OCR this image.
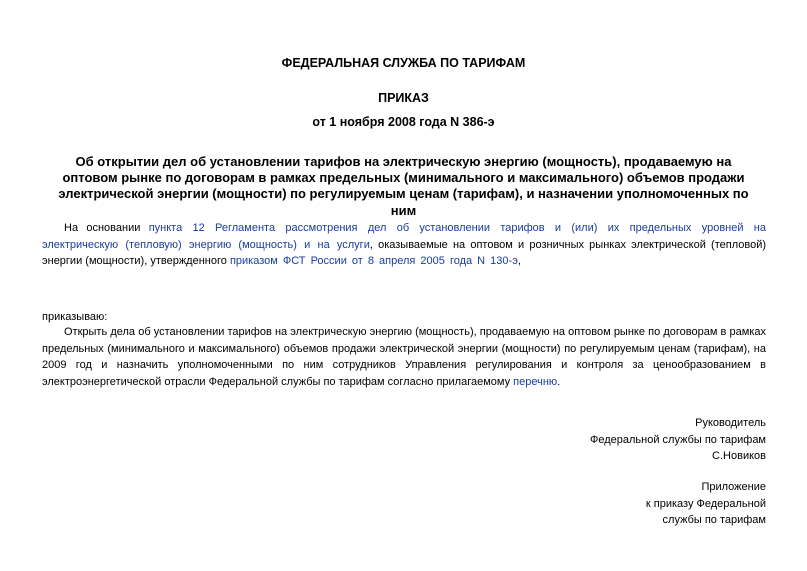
ФЕДЕРАЛЬНАЯ СЛУЖБА ПО ТАРИФАМ

ПРИКАЗ

от 1 ноября 2008 года N 386-э

Об открытии дел об установлении тарифов на электрическую энергию (мощность), продаваемую на оптовом рынке по договорам в рамках предельных (минимального и максимального) объемов продажи электрической энергии (мощности) по регулируемым ценам (тарифам), и назначении уполномоченных по ним

На основании пункта 12 Регламента рассмотрения дел об установлении тарифов и (или) их предельных уровней на электрическую (тепловую) энергию (мощность) и на услуги, оказываемые на оптовом и розничных рынках электрической (тепловой) энергии (мощности), утвержденного приказом ФСТ России от 8 апреля 2005 года N 130-э,

приказываю:

Открыть дела об установлении тарифов на электрическую энергию (мощность), продаваемую на оптовом рынке по договорам в рамках предельных (минимального и максимального) объемов продажи электрической энергии (мощности) по регулируемым ценам (тарифам), на 2009 год и назначить уполномоченными по ним сотрудников Управления регулирования и контроля за ценообразованием в электроэнергетической отрасли Федеральной службы по тарифам согласно прилагаемому перечню.

Руководитель
Федеральной службы по тарифам
С.Новиков

Приложение
к приказу Федеральной
службы по тарифам
